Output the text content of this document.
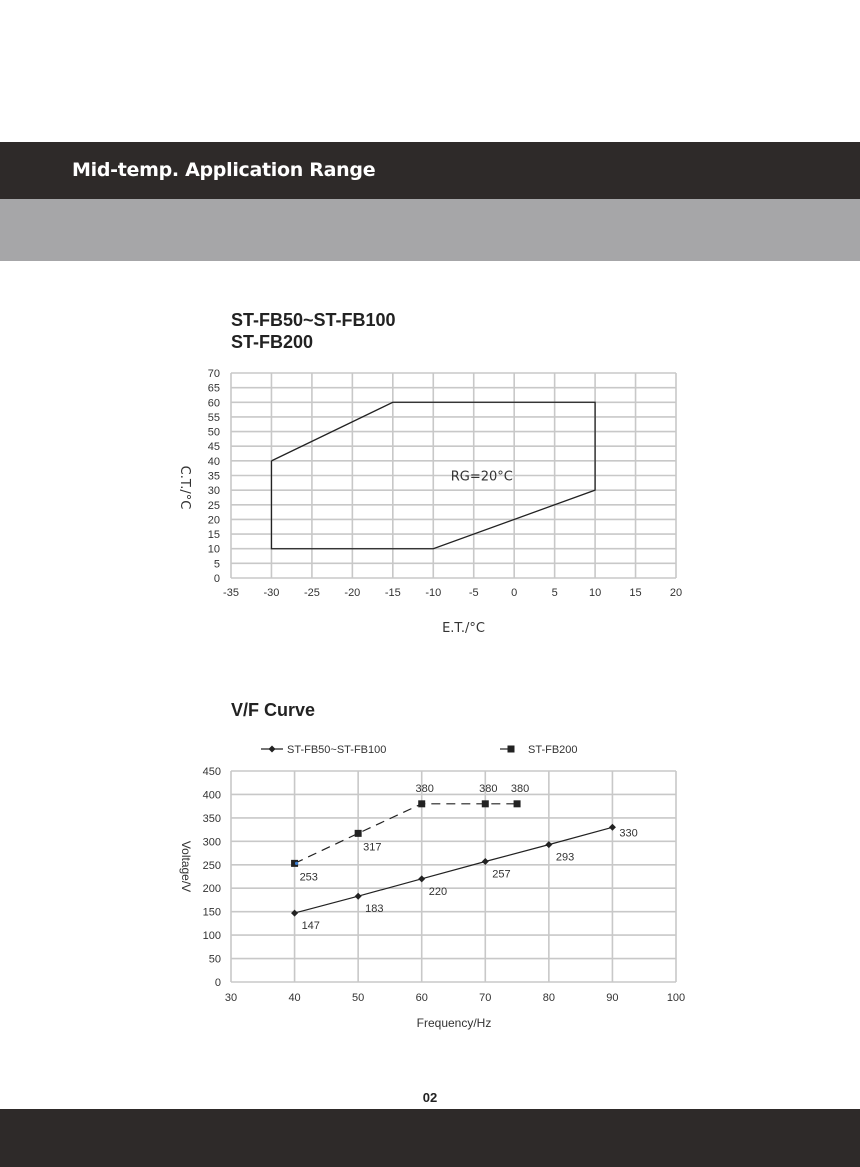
Mid-temp. Application Range
ST-FB50~ST-FB100
ST-FB200
-35 -30 -25 -20 -15 -10	-5	0	5	10	15	20
0
5
10
15
20
25
30
35
40
45
50
55
60
65
70
RG=20°C
E.T./°C
C.T./°C
V/F Curve
30	40	50	60	70	80	90	100
0
50
100
150
200
250
300
350
400
450
147
183
220
257
293
330
253
317
380	380 380
ST-FB50~ST-FB100	ST-FB200
Frequency/Hz
Voltage/V
02
